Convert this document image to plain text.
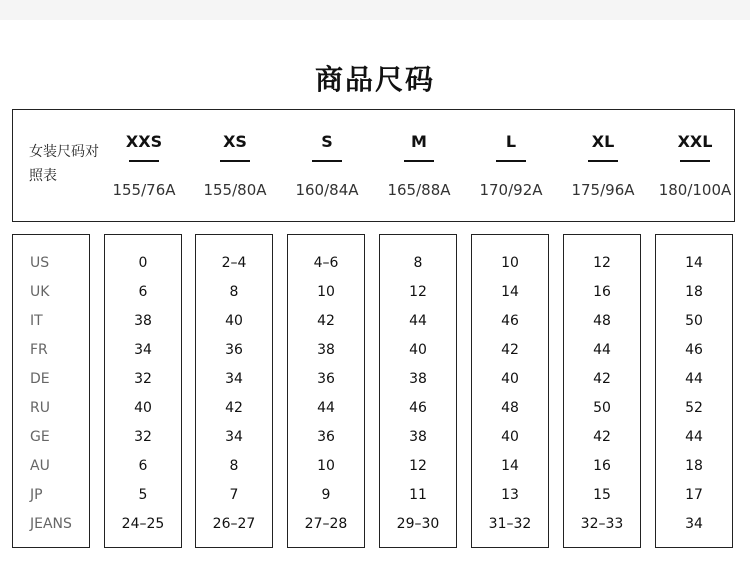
商品尺码
女装尺码对照表
XXS
155/76A
XS
155/80A
S
160/84A
M
165/88A
L
170/92A
XL
175/96A
XXL
180/100A
US
UK
IT
FR
DE
RU
GE
AU
JP
JEANS
0
6
38
34
32
40
32
6
5
24–25
2–4
8
40
36
34
42
34
8
7
26–27
4–6
10
42
38
36
44
36
10
9
27–28
8
12
44
40
38
46
38
12
11
29–30
10
14
46
42
40
48
40
14
13
31–32
12
16
48
44
42
50
42
16
15
32–33
14
18
50
46
44
52
44
18
17
34
